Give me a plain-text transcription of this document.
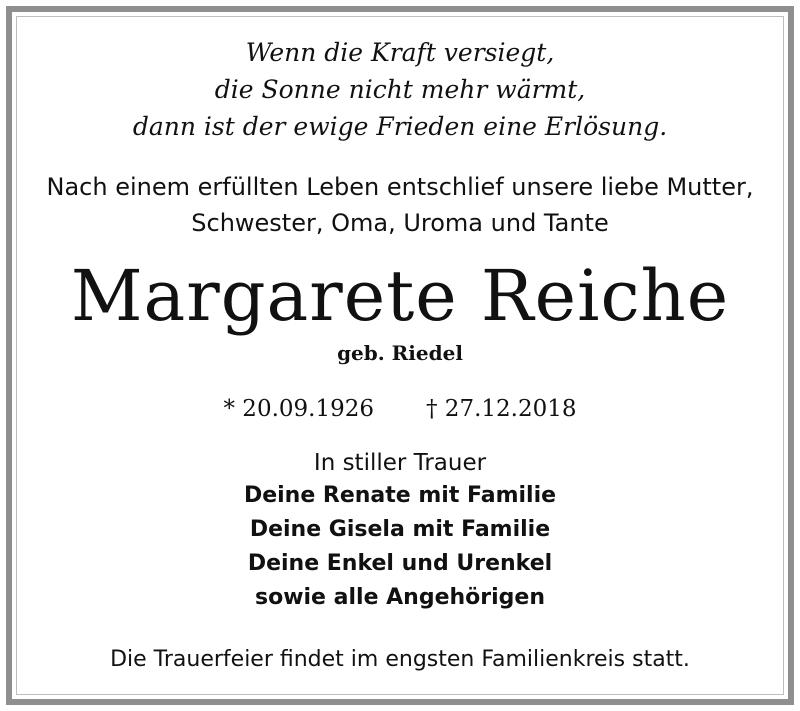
Wenn die Kraft versiegt,
die Sonne nicht mehr wärmt,
dann ist der ewige Frieden eine Erlösung.
Nach einem erfüllten Leben entschlief unsere liebe Mutter,
Schwester, Oma, Uroma und Tante
Margarete Reiche
geb. Riedel
* 20.09.1926 † 27.12.2018
In stiller Trauer
Deine Renate mit Familie
Deine Gisela mit Familie
Deine Enkel und Urenkel
sowie alle Angehörigen
Die Trauerfeier findet im engsten Familienkreis statt.
